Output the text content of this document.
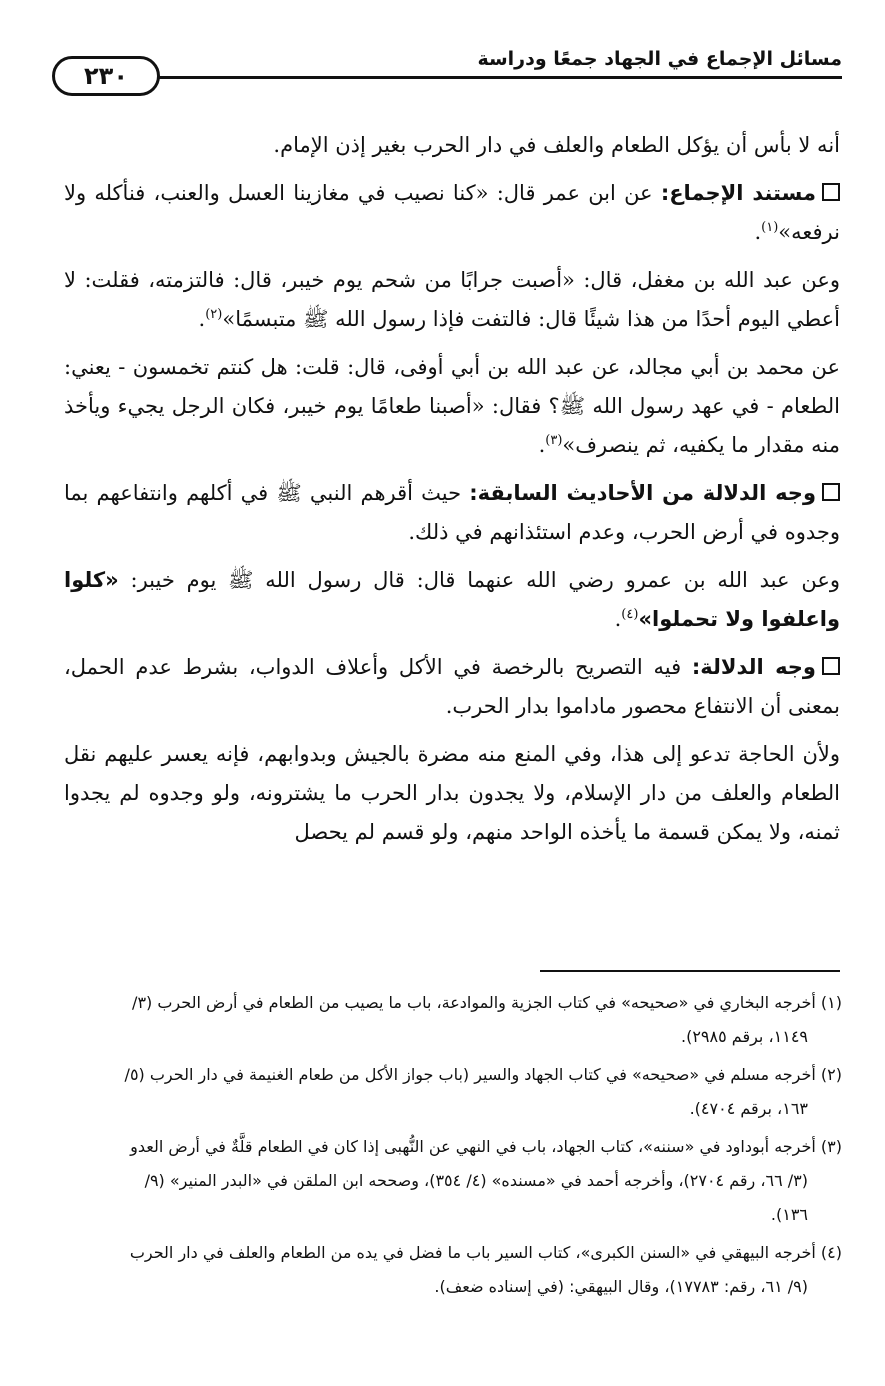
مسائل الإجماع في الجهاد جمعًا ودراسة
٢٣٠

أنه لا بأس أن يؤكل الطعام والعلف في دار الحرب بغير إذن الإمام.

مستند الإجماع: عن ابن عمر قال: «كنا نصيب في مغازينا العسل والعنب، فنأكله ولا نرفعه»$^{(١)}$.

وعن عبد الله بن مغفل، قال: «أصبت جرابًا من شحم يوم خيبر، قال: فالتزمته، فقلت: لا أعطي اليوم أحدًا من هذا شيئًا قال: فالتفت فإذا رسول الله ﷺ متبسمًا»$^{(٢)}$.

عن محمد بن أبي مجالد، عن عبد الله بن أبي أوفى، قال: قلت: هل كنتم تخمسون - يعني: الطعام - في عهد رسول الله ﷺ؟ فقال: «أصبنا طعامًا يوم خيبر، فكان الرجل يجيء ويأخذ منه مقدار ما يكفيه، ثم ينصرف»$^{(٣)}$.

وجه الدلالة من الأحاديث السابقة: حيث أقرهم النبي ﷺ في أكلهم وانتفاعهم بما وجدوه في أرض الحرب، وعدم استئذانهم في ذلك.

وعن عبد الله بن عمرو رضي الله عنهما قال: قال رسول الله ﷺ يوم خيبر: «كلوا واعلفوا ولا تحملوا»$^{(٤)}$.

وجه الدلالة: فيه التصريح بالرخصة في الأكل وأعلاف الدواب، بشرط عدم الحمل، بمعنى أن الانتفاع محصور ماداموا بدار الحرب.

ولأن الحاجة تدعو إلى هذا، وفي المنع منه مضرة بالجيش وبدوابهم، فإنه يعسر عليهم نقل الطعام والعلف من دار الإسلام، ولا يجدون بدار الحرب ما يشترونه، ولو وجدوه لم يجدوا ثمنه، ولا يمكن قسمة ما يأخذه الواحد منهم، ولو قسم لم يحصل

(١) أخرجه البخاري في «صحيحه» في كتاب الجزية والموادعة، باب ما يصيب من الطعام في أرض الحرب (٣/
١١٤٩، برقم ٢٩٨٥).
(٢) أخرجه مسلم في «صحيحه» في كتاب الجهاد والسير (باب جواز الأكل من طعام الغنيمة في دار الحرب (٥/
١٦٣، برقم ٤٧٠٤).
(٣) أخرجه أبوداود في «سننه»، كتاب الجهاد، باب في النهي عن النُّهبى إذا كان في الطعام قلَّةٌ في أرض العدو
(٣/ ٦٦، رقم ٢٧٠٤)، وأخرجه أحمد في «مسنده» (٤/ ٣٥٤)، وصححه ابن الملقن في «البدر المنير» (٩/
١٣٦).
(٤) أخرجه البيهقي في «السنن الكبرى»، كتاب السير باب ما فضل في يده من الطعام والعلف في دار الحرب
(٩/ ٦١، رقم: ١٧٧٨٣)، وقال البيهقي: (في إسناده ضعف).
